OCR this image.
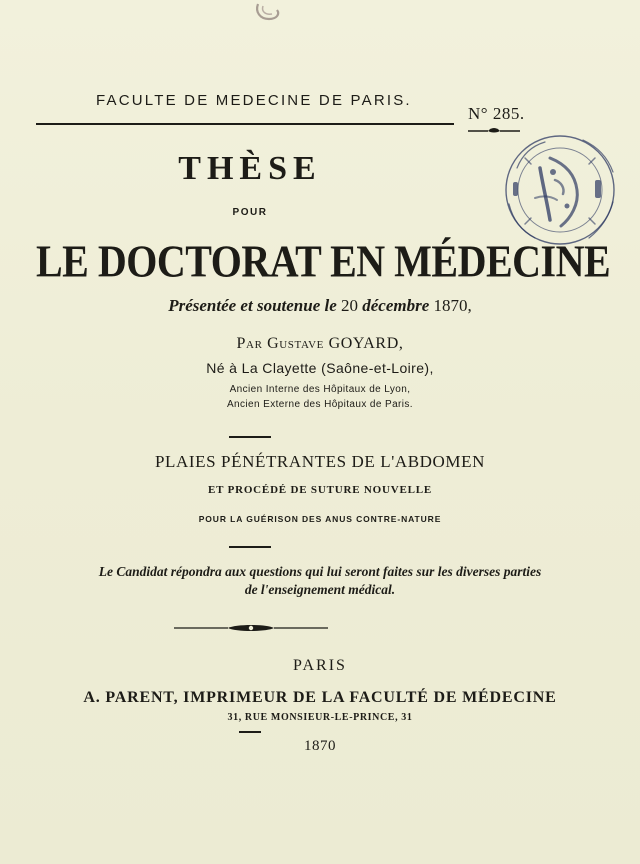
FACULTE DE MEDECINE DE PARIS.
N° 285.
THÈSE
POUR
LE DOCTORAT EN MÉDECINE
Présentée et soutenue le 20 décembre 1870,
Par Gustave GOYARD,
Né à La Clayette (Saône-et-Loire),
Ancien Interne des Hôpitaux de Lyon,
Ancien Externe des Hôpitaux de Paris.
PLAIES PÉNÉTRANTES DE L'ABDOMEN
ET PROCÉDÉ DE SUTURE NOUVELLE
POUR LA GUÉRISON DES ANUS CONTRE-NATURE
Le Candidat répondra aux questions qui lui seront faites sur les diverses parties
de l'enseignement médical.
PARIS
A. PARENT, IMPRIMEUR DE LA FACULTÉ DE MÉDECINE
31, RUE MONSIEUR-LE-PRINCE, 31
1870
